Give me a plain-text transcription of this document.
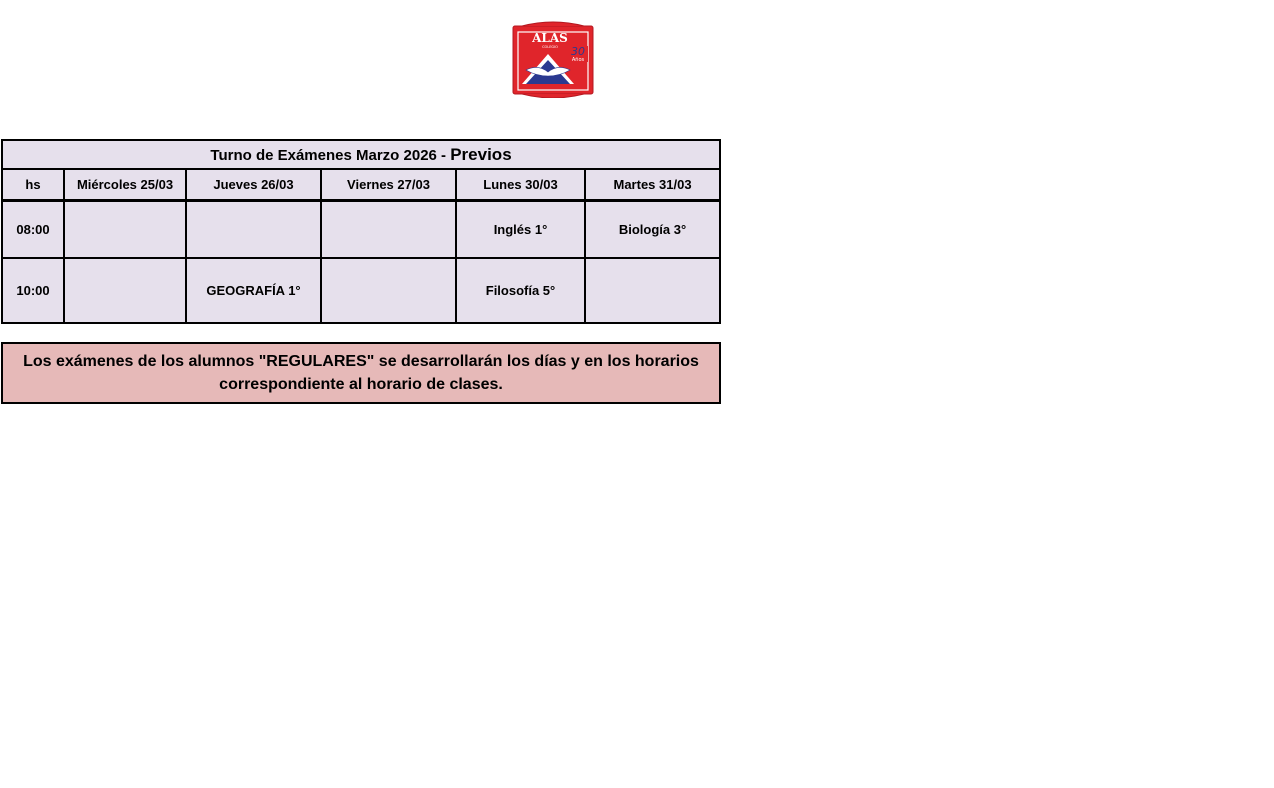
ALAS
COLEGIO 30
Años
Turno de Exámenes Marzo 2026 - Previos					
hs	Miércoles 25/03	Jueves 26/03	Viernes 27/03	Lunes 30/03	Martes 31/03
08:00				Inglés 1°	Biología 3°
10:00		GEOGRAFÍA 1°		Filosofía 5°	
Los exámenes de los alumnos "REGULARES" se desarrollarán los días y en los horarios
correspondiente al horario de clases.
